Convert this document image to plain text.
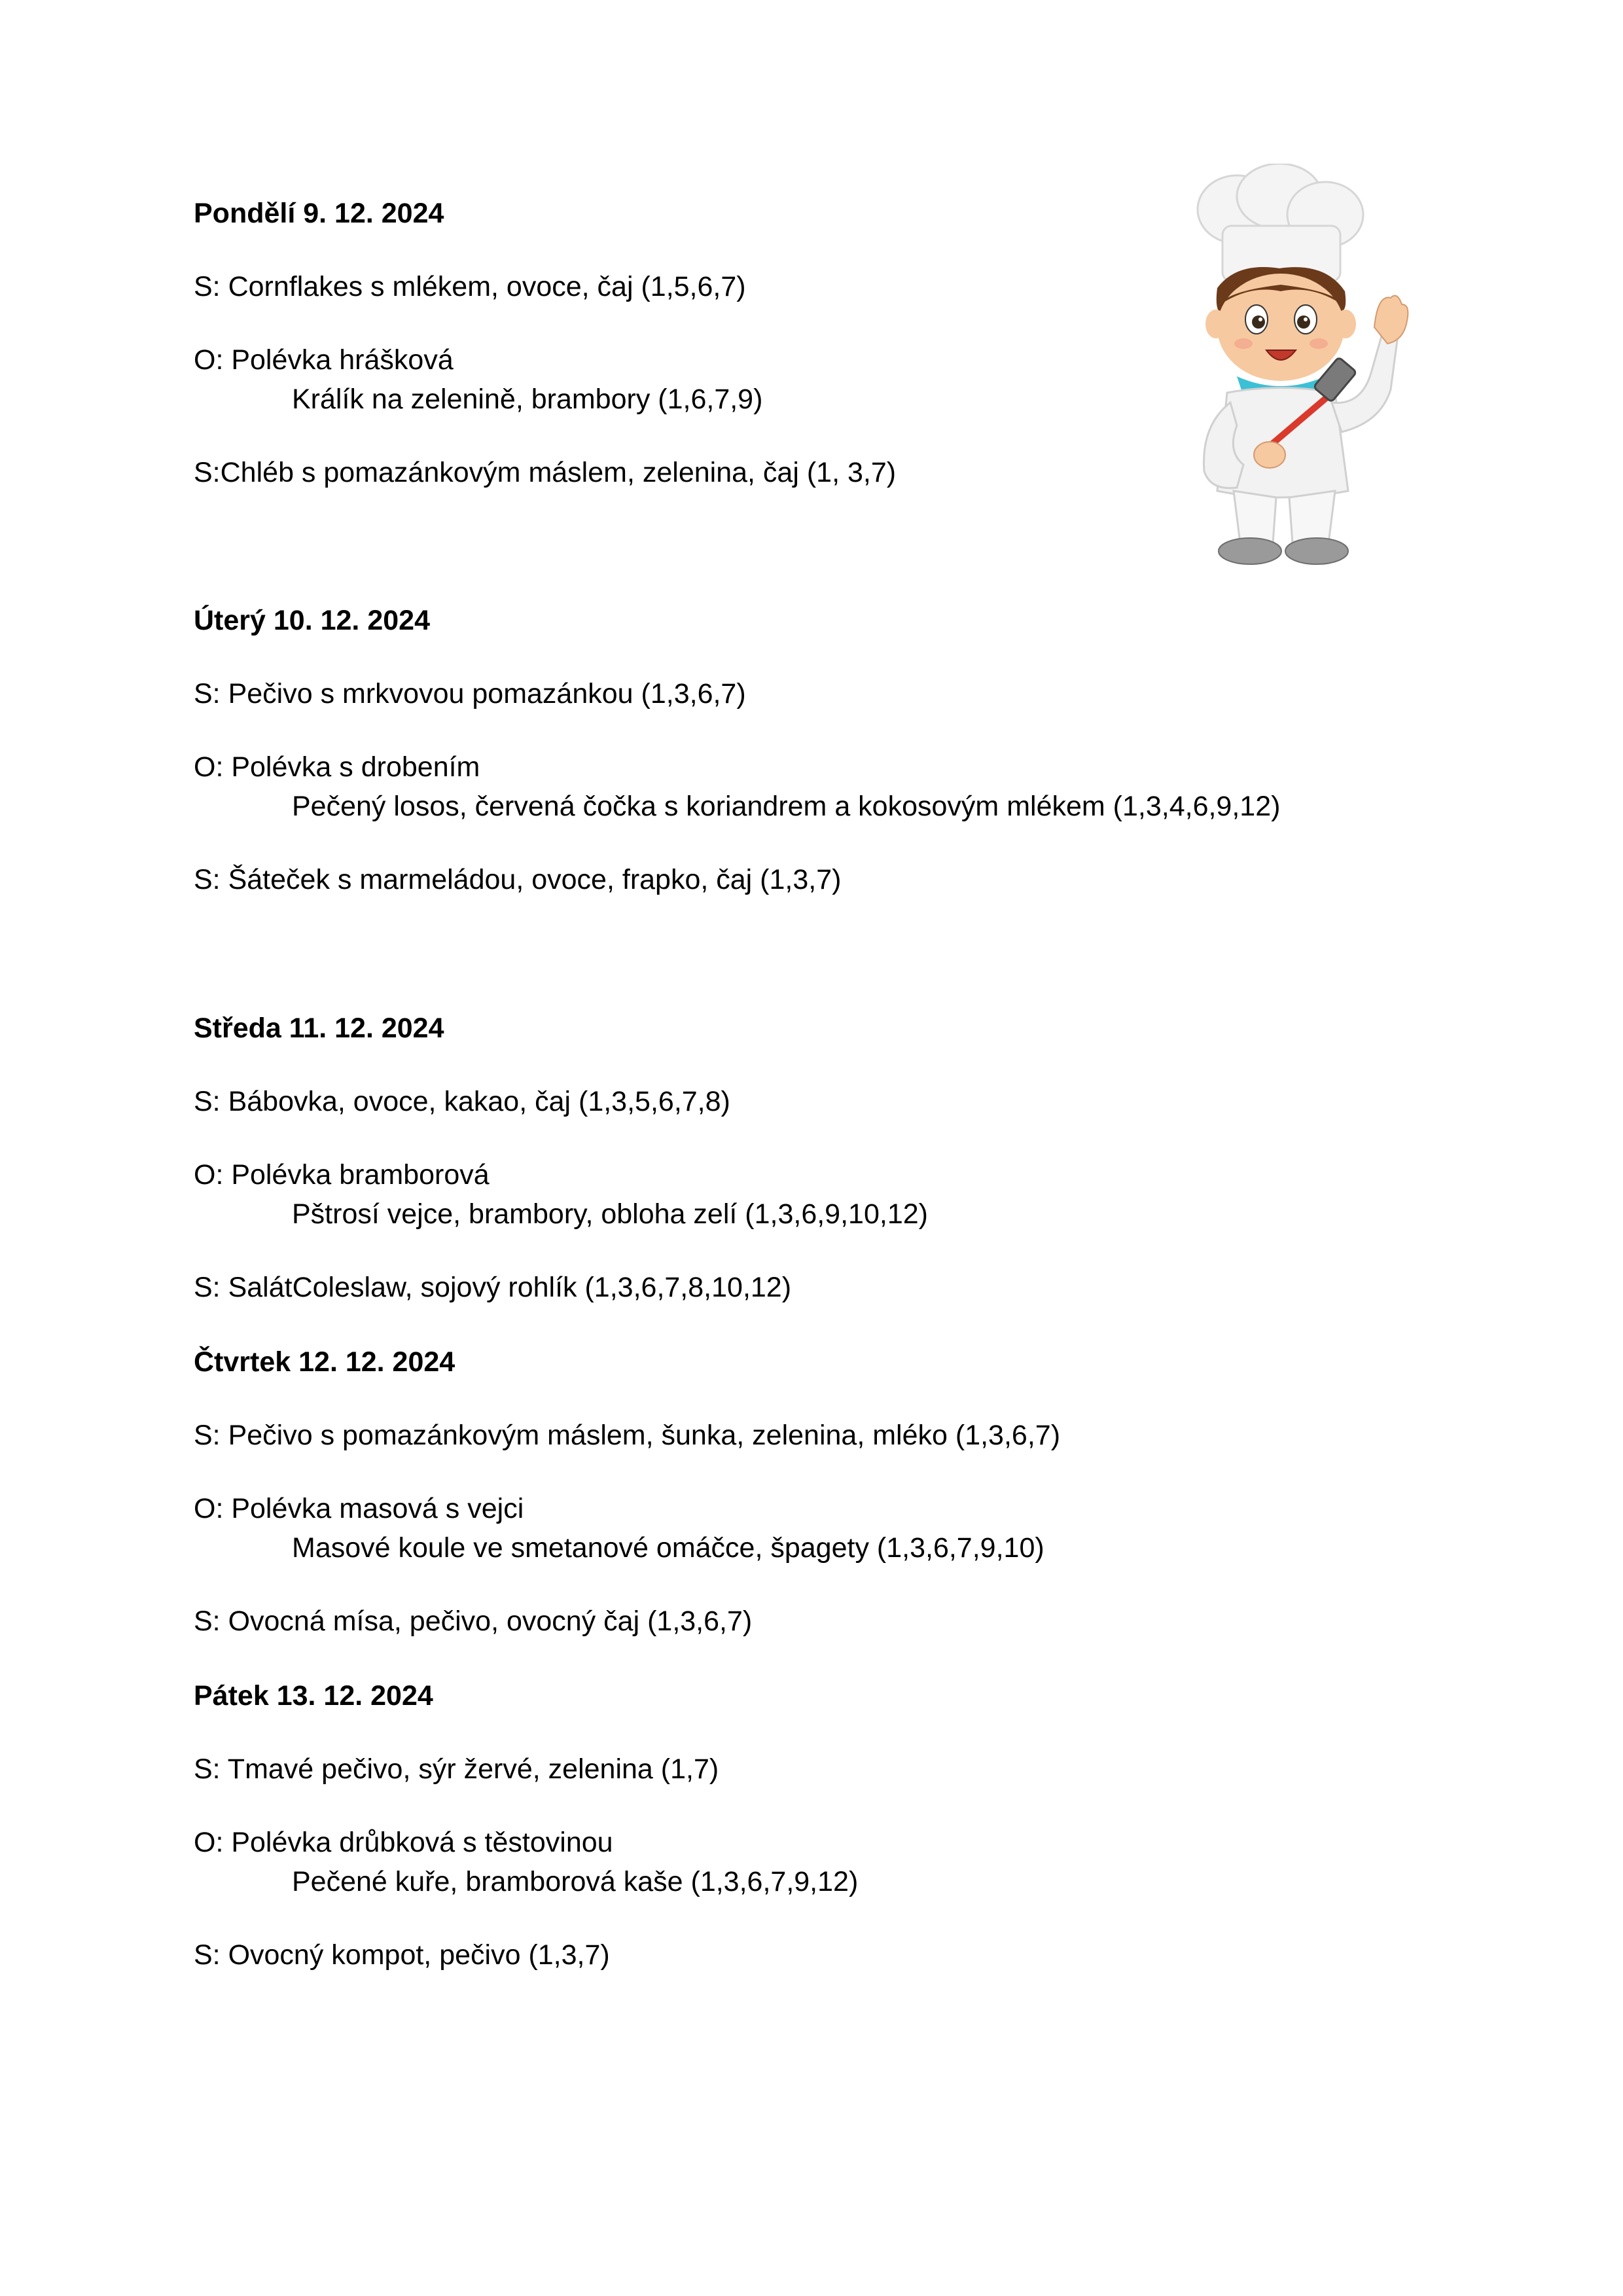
Pondělí 9. 12. 2024
S: Cornflakes s mlékem, ovoce, čaj (1,5,6,7)
O: Polévka hrášková
Králík na zelenině, brambory (1,6,7,9)
S:Chléb s pomazánkovým máslem, zelenina, čaj (1, 3,7)
Úterý 10. 12. 2024
S: Pečivo s mrkvovou pomazánkou (1,3,6,7)
O: Polévka s drobením
Pečený losos, červená čočka s koriandrem a kokosovým mlékem (1,3,4,6,9,12)
S: Šáteček s marmeládou, ovoce, frapko, čaj (1,3,7)
Středa 11. 12. 2024
S: Bábovka, ovoce, kakao, čaj (1,3,5,6,7,8)
O: Polévka bramborová
Pštrosí vejce, brambory, obloha zelí (1,3,6,9,10,12)
S: SalátColeslaw, sojový rohlík (1,3,6,7,8,10,12)
Čtvrtek 12. 12. 2024
S: Pečivo s pomazánkovým máslem, šunka, zelenina, mléko (1,3,6,7)
O: Polévka masová s vejci
Masové koule ve smetanové omáčce, špagety (1,3,6,7,9,10)
S: Ovocná mísa, pečivo, ovocný čaj (1,3,6,7)
Pátek 13. 12. 2024
S: Tmavé pečivo, sýr žervé, zelenina (1,7)
O: Polévka drůbková s těstovinou
Pečené kuře, bramborová kaše (1,3,6,7,9,12)
S: Ovocný kompot, pečivo (1,3,7)
